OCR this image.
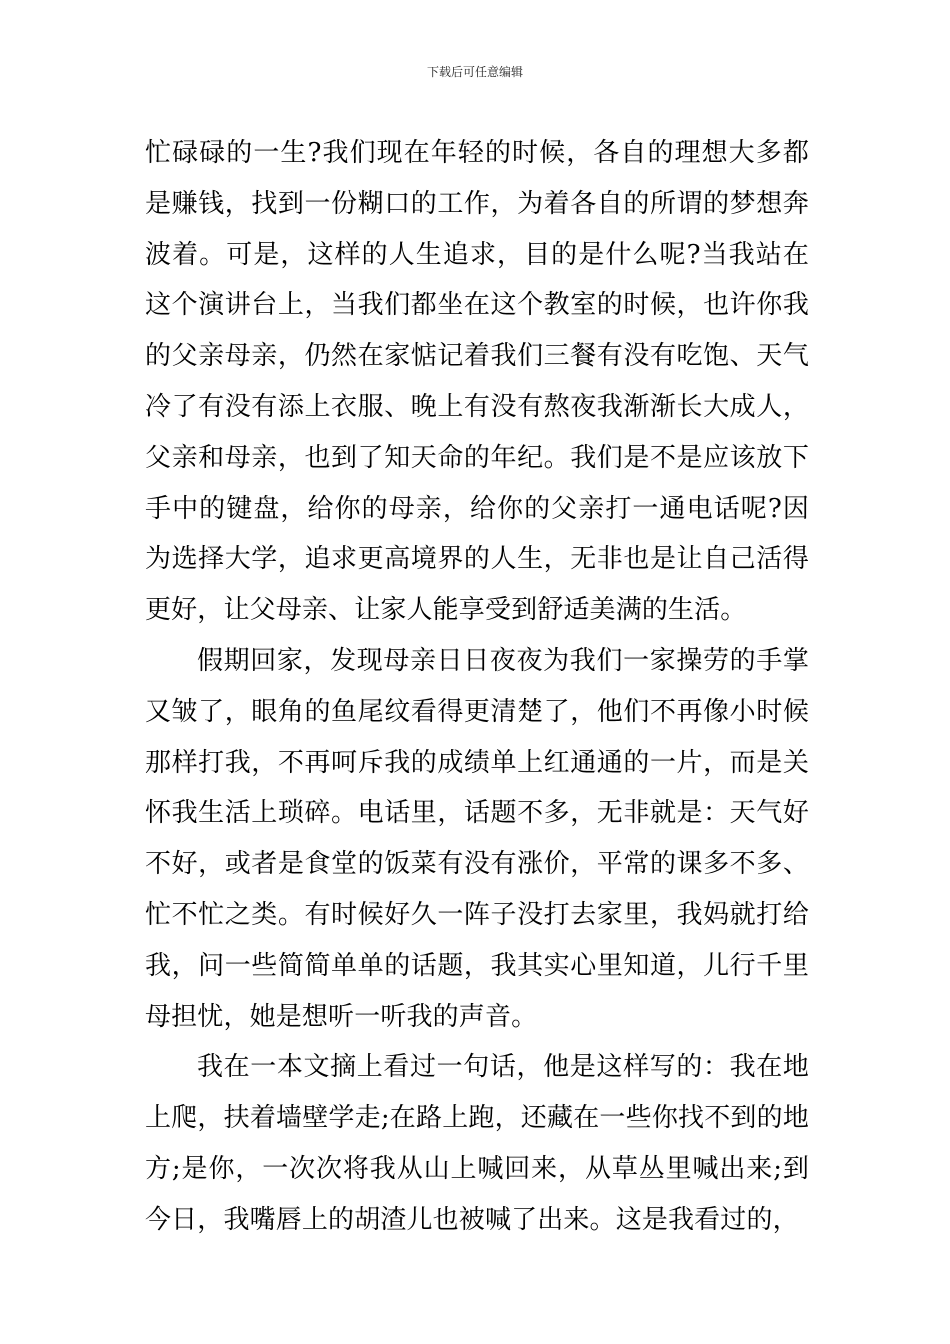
下载后可任意编辑

忙碌碌的一生?我们现在年轻的时候，各自的理想大多都是赚钱，找到一份糊口的工作，为着各自的所谓的梦想奔波着。可是，这样的人生追求，目的是什么呢?当我站在这个演讲台上，当我们都坐在这个教室的时候，也许你我的父亲母亲，仍然在家惦记着我们三餐有没有吃饱、天气冷了有没有添上衣服、晚上有没有熬夜我渐渐长大成人，父亲和母亲，也到了知天命的年纪。我们是不是应该放下手中的键盘，给你的母亲，给你的父亲打一通电话呢?因为选择大学，追求更高境界的人生，无非也是让自己活得更好，让父母亲、让家人能享受到舒适美满的生活。

假期回家，发现母亲日日夜夜为我们一家操劳的手掌又皱了，眼角的鱼尾纹看得更清楚了，他们不再像小时候那样打我，不再呵斥我的成绩单上红通通的一片，而是关怀我生活上琐碎。电话里，话题不多，无非就是：天气好不好，或者是食堂的饭菜有没有涨价，平常的课多不多、忙不忙之类。有时候好久一阵子没打去家里，我妈就打给我，问一些简简单单的话题，我其实心里知道，儿行千里母担忧，她是想听一听我的声音。

我在一本文摘上看过一句话，他是这样写的：我在地上爬，扶着墙壁学走;在路上跑，还藏在一些你找不到的地方;是你，一次次将我从山上喊回来，从草丛里喊出来;到今日，我嘴唇上的胡渣儿也被喊了出来。这是我看过的，
